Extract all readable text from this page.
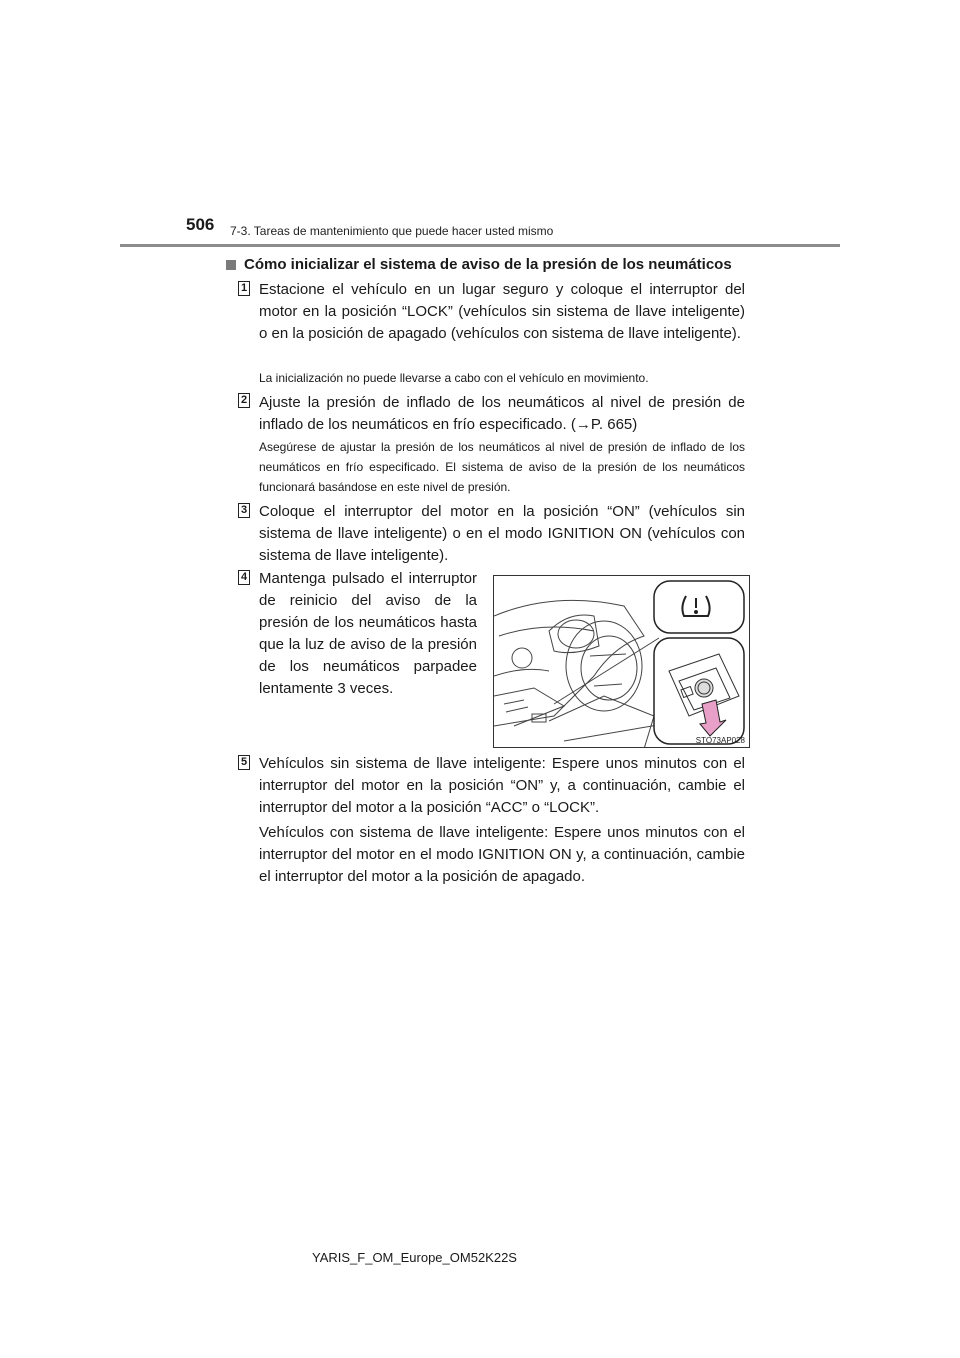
506 7-3. Tareas de mantenimiento que puede hacer usted mismo
Cómo inicializar el sistema de aviso de la presión de los neumáticos
1 Estacione el vehículo en un lugar seguro y coloque el interruptor del motor en la posición “LOCK” (vehículos sin sistema de llave inteligente) o en la posición de apagado (vehículos con sistema de llave inteligente).
La inicialización no puede llevarse a cabo con el vehículo en movimiento.
2 Ajuste la presión de inflado de los neumáticos al nivel de presión de inflado de los neumáticos en frío especificado. (→P. 665)
Asegúrese de ajustar la presión de los neumáticos al nivel de presión de inflado de los neumáticos en frío especificado. El sistema de aviso de la presión de los neumáticos funcionará basándose en este nivel de presión.
3 Coloque el interruptor del motor en la posición “ON” (vehículos sin sistema de llave inteligente) o en el modo IGNITION ON (vehículos con sistema de llave inteligente).
4 Mantenga pulsado el interruptor de reinicio del aviso de la presión de los neumáticos hasta que la luz de aviso de la presión de los neumáticos parpadee lentamente 3 veces.
STO73AP028
5 Vehículos sin sistema de llave inteligente: Espere unos minutos con el interruptor del motor en la posición “ON” y, a continuación, cambie el interruptor del motor a la posición “ACC” o “LOCK”.
Vehículos con sistema de llave inteligente: Espere unos minutos con el interruptor del motor en el modo IGNITION ON y, a continuación, cambie el interruptor del motor a la posición de apagado.
YARIS_F_OM_Europe_OM52K22S
